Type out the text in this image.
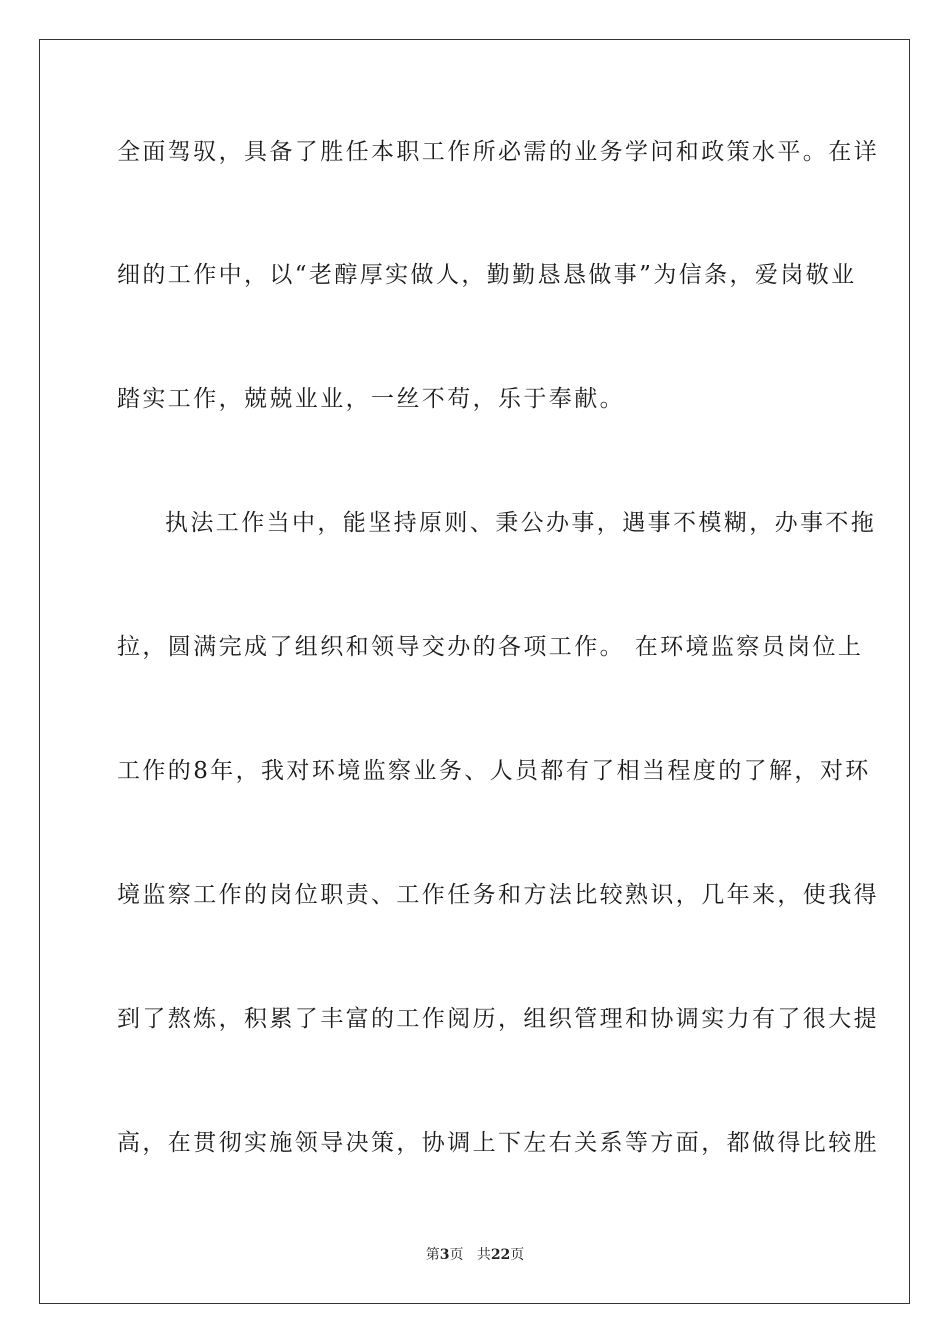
全面驾驭，具备了胜任本职工作所必需的业务学问和政策水平。在详
细的工作中，以“老醇厚实做人，勤勤恳恳做事”为信条，爱岗敬业
踏实工作，兢兢业业，一丝不苟，乐于奉献。
执法工作当中，能坚持原则、秉公办事，遇事不模糊，办事不拖
拉，圆满完成了组织和领导交办的各项工作。 在环境监察员岗位上
工作的8年，我对环境监察业务、人员都有了相当程度的了解，对环
境监察工作的岗位职责、工作任务和方法比较熟识，几年来，使我得
到了熬炼，积累了丰富的工作阅历，组织管理和协调实力有了很大提
高，在贯彻实施领导决策，协调上下左右关系等方面，都做得比较胜
第3页 共22页
